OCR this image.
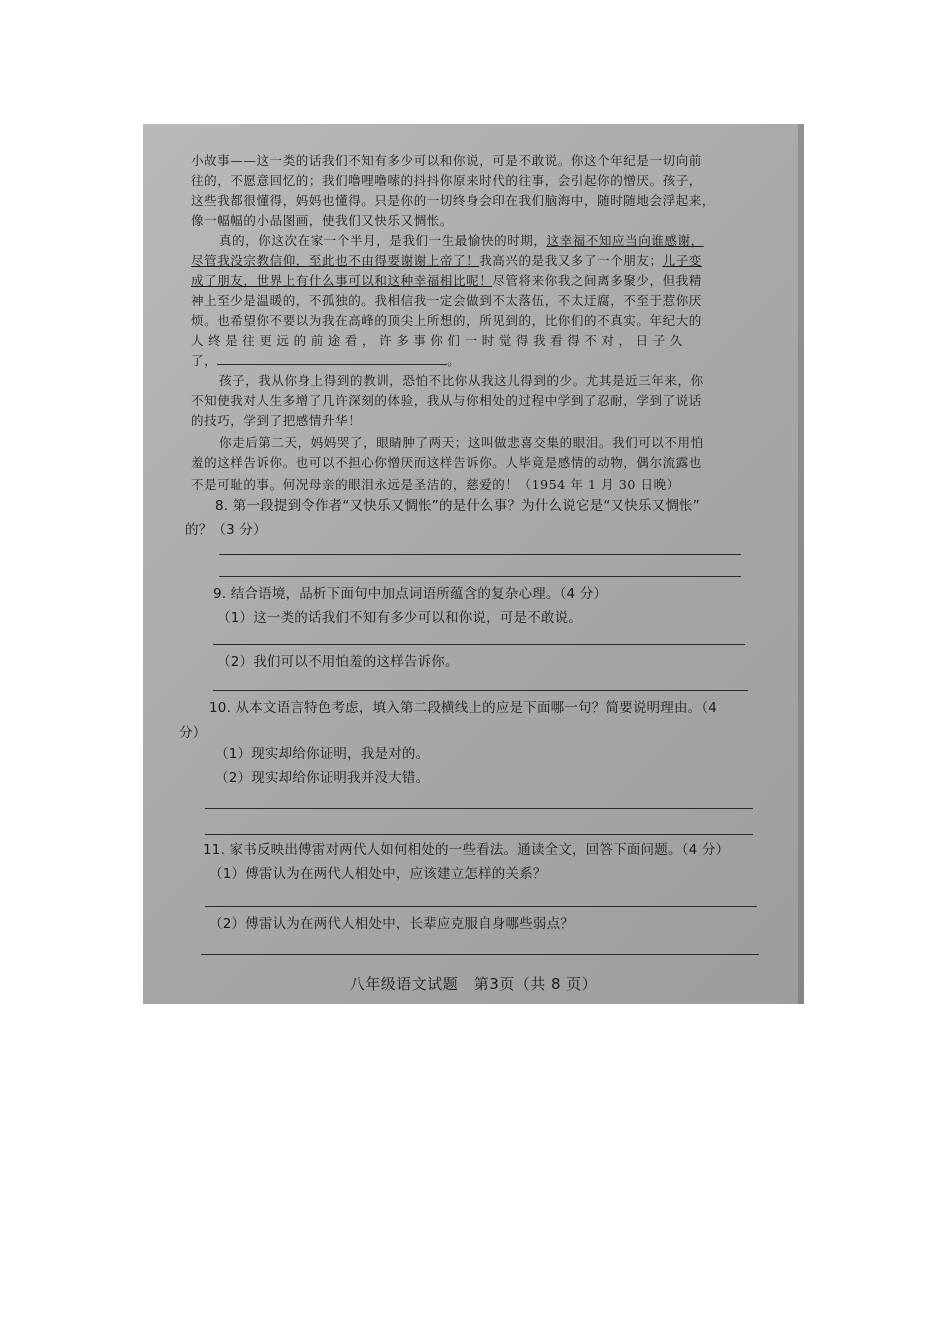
小故事——这一类的话我们不知有多少可以和你说，可是不敢说。你这个年纪是一切向前
往的，不愿意回忆的；我们噜哩噜嗦的抖抖你原来时代的往事，会引起你的憎厌。孩子，
这些我都很懂得，妈妈也懂得。只是你的一切终身会印在我们脑海中，随时随地会浮起来，
像一幅幅的小品图画，使我们又快乐又惆怅。
真的，你这次在家一个半月，是我们一生最愉快的时期，这幸福不知应当向谁感谢，
尽管我没宗教信仰，至此也不由得要谢谢上帝了！我高兴的是我又多了一个朋友；儿子变
成了朋友，世界上有什么事可以和这种幸福相比呢！尽管将来你我之间离多聚少，但我精
神上至少是温暖的，不孤独的。我相信我一定会做到不太落伍，不太迂腐，不至于惹你厌
烦。也希望你不要以为我在高峰的顶尖上所想的，所见到的，比你们的不真实。年纪大的
人终是往更远的前途看，许多事你们一时觉得我看得不对，日子久
了，	。
孩子，我从你身上得到的教训，恐怕不比你从我这儿得到的少。尤其是近三年来，你
不知使我对人生多增了几许深刻的体验，我从与你相处的过程中学到了忍耐，学到了说话
的技巧，学到了把感情升华！
你走后第二天，妈妈哭了，眼睛肿了两天；这叫做悲喜交集的眼泪。我们可以不用怕
羞的这样告诉你。也可以不担心你憎厌而这样告诉你。人毕竟是感情的动物，偶尔流露也
不是可耻的事。何况母亲的眼泪永远是圣洁的，慈爱的！（1954 年 1 月 30 日晚）
8. 第一段提到令作者“又快乐又惆怅”的是什么事？为什么说它是“又快乐又惆怅”
的？（3 分）
9. 结合语境，品析下面句中加点词语所蕴含的复杂心理。（4 分）
（1）这一类的话我们不知有多少可以和你说，可是不敢说。
（2）我们可以不用怕羞的这样告诉你。
10. 从本文语言特色考虑，填入第二段横线上的应是下面哪一句？简要说明理由。（4
分）
（1）现实却给你证明，我是对的。
（2）现实却给你证明我并没大错。
11. 家书反映出傅雷对两代人如何相处的一些看法。通读全文，回答下面问题。（4 分）
（1）傅雷认为在两代人相处中，应该建立怎样的关系？
（2）傅雷认为在两代人相处中，长辈应克服自身哪些弱点？
八年级语文试题　第3页（共 8 页）
